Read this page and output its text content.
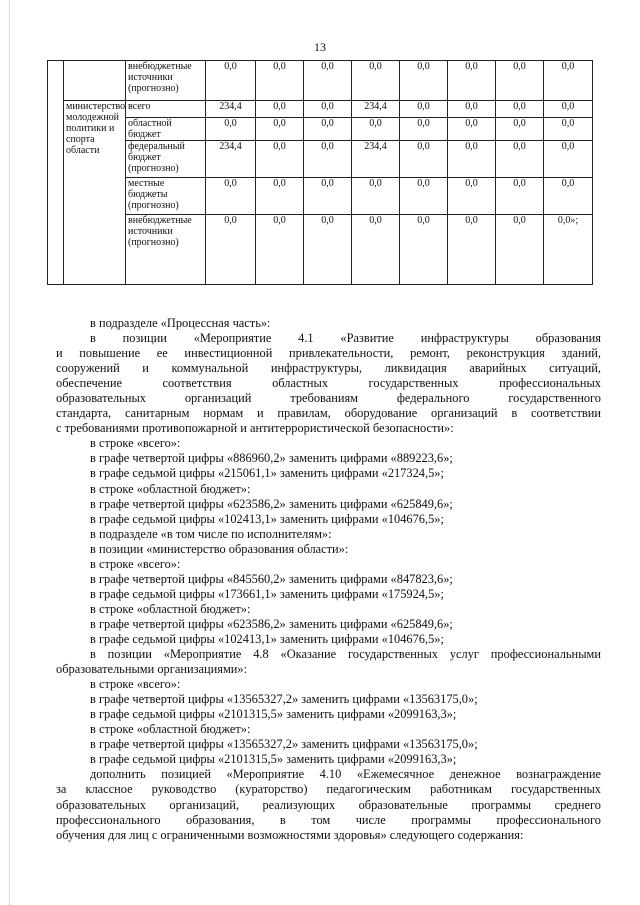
13
		внебюджетные источники (прогнозно)	0,0	0,0	0,0	0,0	0,0	0,0	0,0	0,0
	министерство молодежной политики и спорта области	всего	234,4	0,0	0,0	234,4	0,0	0,0	0,0	0,0
		областной бюджет	0,0	0,0	0,0	0,0	0,0	0,0	0,0	0,0
		федеральный бюджет (прогнозно)	234,4	0,0	0,0	234,4	0,0	0,0	0,0	0,0
		местные бюджеты (прогнозно)	0,0	0,0	0,0	0,0	0,0	0,0	0,0	0,0
		внебюджетные источники (прогнозно)	0,0	0,0	0,0	0,0	0,0	0,0	0,0	0,0»;

в подразделе «Процессная часть»:

в позиции «Мероприятие 4.1 «Развитие инфраструктуры образования

и повышение ее инвестиционной привлекательности, ремонт, реконструкция зданий,

сооружений и коммунальной инфраструктуры, ликвидация аварийных ситуаций,

обеспечение соответствия областных государственных профессиональных

образовательных организаций требованиям федерального государственного

стандарта, санитарным нормам и правилам, оборудование организаций в соответствии

с требованиями противопожарной и антитеррористической безопасности»:

в строке «всего»:

в графе четвертой цифры «886960,2» заменить цифрами «889223,6»;

в графе седьмой цифры «215061,1» заменить цифрами «217324,5»;

в строке «областной бюджет»:

в графе четвертой цифры «623586,2» заменить цифрами «625849,6»;

в графе седьмой цифры «102413,1» заменить цифрами «104676,5»;

в подразделе «в том числе по исполнителям»:

в позиции «министерство образования области»:

в строке «всего»:

в графе четвертой цифры «845560,2» заменить цифрами «847823,6»;

в графе седьмой цифры «173661,1» заменить цифрами «175924,5»;

в строке «областной бюджет»:

в графе четвертой цифры «623586,2» заменить цифрами «625849,6»;

в графе седьмой цифры «102413,1» заменить цифрами «104676,5»;

в позиции «Мероприятие 4.8 «Оказание государственных услуг профессиональными

образовательными организациями»:

в строке «всего»:

в графе четвертой цифры «13565327,2» заменить цифрами «13563175,0»;

в графе седьмой цифры «2101315,5» заменить цифрами «2099163,3»;

в строке «областной бюджет»:

в графе четвертой цифры «13565327,2» заменить цифрами «13563175,0»;

в графе седьмой цифры «2101315,5» заменить цифрами «2099163,3»;

дополнить позицией «Мероприятие 4.10 «Ежемесячное денежное вознаграждение

за классное руководство (кураторство) педагогическим работникам государственных

образовательных организаций, реализующих образовательные программы среднего

профессионального образования, в том числе программы профессионального

обучения для лиц с ограниченными возможностями здоровья» следующего содержания:
